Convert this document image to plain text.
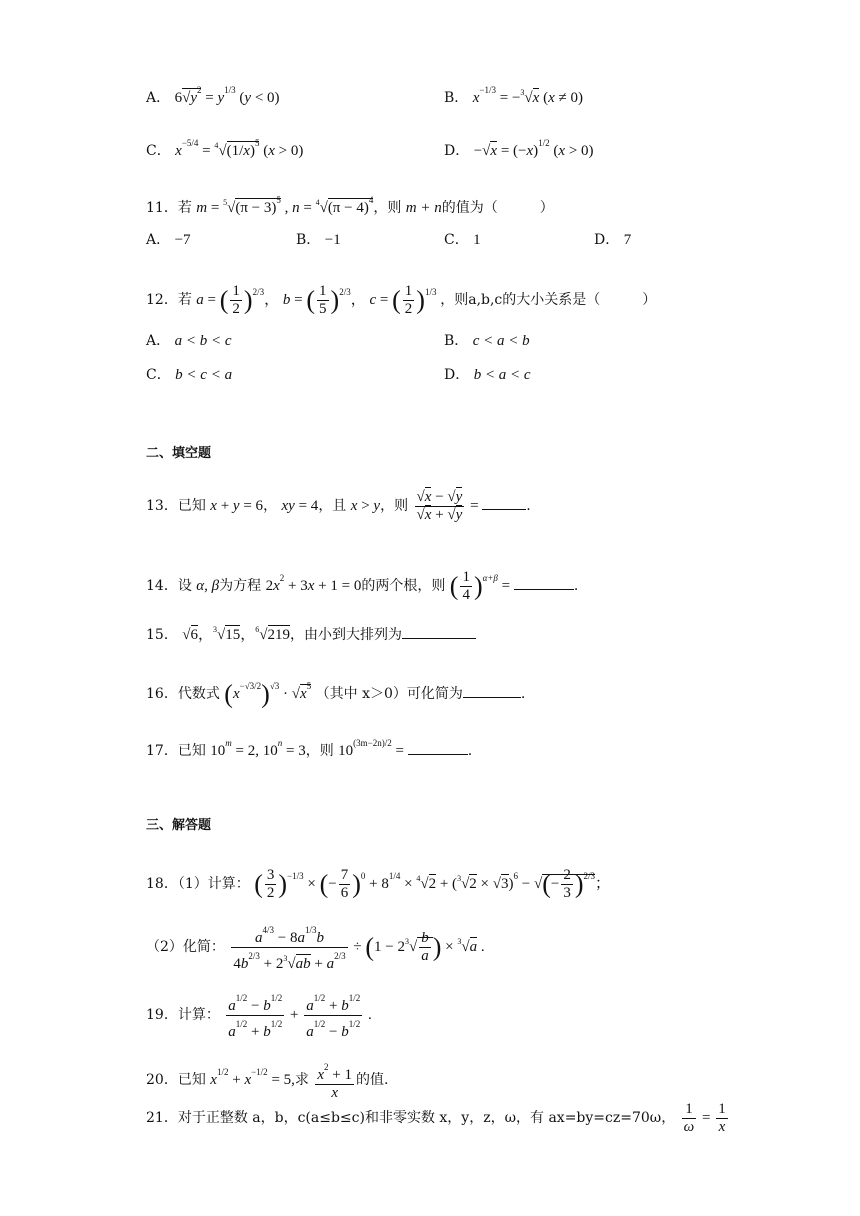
A． $6√y^2 = y^{1/3}$ (y < 0)	B． $x^{-1/3} = -^3√x$ (x ≠ 0)
C． $x^{-5/4} = ^4√(1/x)^5$ (x > 0)	D． $-√x = (-x)^{1/2}$ (x > 0)
11．若 $m = ^5√(\pi - 3)^5$ , $n = ^4√(\pi - 4)^4$，则 m + n的值为（　　　）
A． −7	B． −1	C． 1	D． 7
12．若 a = ( $\frac{1}{2} )^{2/3}$， b = ( $\frac{1}{5} )^{2/3}$， c = ( $\frac{1}{2} )^{1/3}$ ，则a,b,c的大小关系是（　　　）
A． a < b < c	B． c < a < b
C． b < c < a	D． b < a < c
二、填空题
13．已知 x + y = 6， xy = 4，且 x > y，则 $\frac{√x - √y}{√x + √y}$ =	.
14．设 α, β为方程 $2x^2 + 3x + 1 = 0$的两个根，则 ( $\frac{1}{4} )^{\alpha+\beta}$ =	.
15． √6，$^3$√15，$^6$√219，由小到大排列为
16．代数式 $(x^{-√3/2})^{√3} \cdot √x^5$ （其中 x＞0）可化简为	.
17．已知 $10^m = 2$, $10^n = 3$，则 $10^{(3m-2n)/2}$ =	.
三、解答题
18．（1）计算： ( $\frac{3}{2} )^{-1/3}$ × (− $\frac{7}{6} )^0 + 8^{1/4} \times ^4√2 + (^3√2 \times √3)^6$ − √(− $\frac{2}{3} )^{2/3}$；
（2）化简： $\frac{a^{4/3} - 8a^{1/3}b}{4b^{2/3} + 2^3√ab + a^{2/3}} \div (1 - 2^3√ \frac{b}{a}$ ) × $^3$√a .
19．计算： $\frac{a^{1/2} - b^{1/2}}{a^{1/2} + b^{1/2}} + \frac{a^{1/2} + b^{1/2}}{a^{1/2} - b^{1/2}}$ .
20．已知 $x^{1/2} + x^{-1/2} = 5$,求 $\frac{x^2 + 1}{x}$ 的值.
21．对于正整数 a，b，c(a≤b≤c)和非零实数 x，y，z，ω，有 ax=by=cz=70ω， $\frac{1}{\omega} = \frac{1}{x}$
